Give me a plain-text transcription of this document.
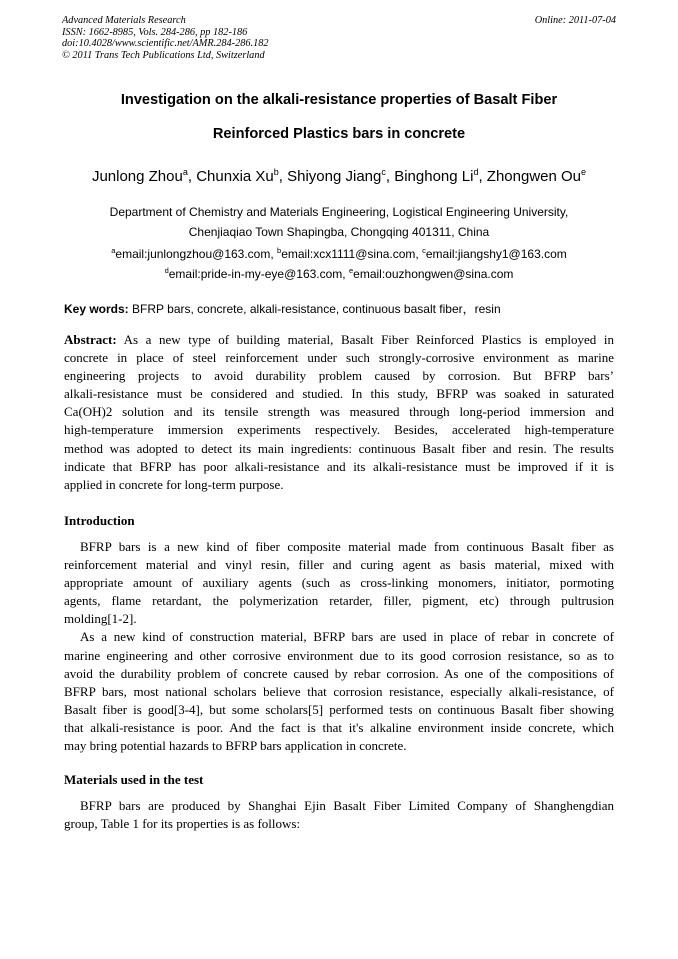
Advanced Materials Research
ISSN: 1662-8985, Vols. 284-286, pp 182-186
doi:10.4028/www.scientific.net/AMR.284-286.182
© 2011 Trans Tech Publications Ltd, Switzerland
Online: 2011-07-04
Investigation on the alkali-resistance properties of Basalt Fiber
Reinforced Plastics bars in concrete
Junlong Zhou$^a$, Chunxia Xu$^b$, Shiyong Jiang$^c$, Binghong Li$^d$, Zhongwen Ou$^e$
Department of Chemistry and Materials Engineering, Logistical Engineering University,
Chenjiaqiao Town Shapingba, Chongqing 401311, China
$^a$email:junlongzhou@163.com, $^b$email:xcx1111@sina.com, $^c$email:jiangshy1@163.com
$^d$email:pride-in-my-eye@163.com, $^e$email:ouzhongwen@sina.com
Key words: BFRP bars, concrete, alkali-resistance, continuous basalt fiber，resin
Abstract: As a new type of building material, Basalt Fiber Reinforced Plastics is employed in
concrete in place of steel reinforcement under such strongly-corrosive environment as marine
engineering projects to avoid durability problem caused by corrosion. But BFRP bars’
alkali-resistance must be considered and studied. In this study, BFRP was soaked in saturated
Ca(OH)2 solution and its tensile strength was measured through long-period immersion and
high-temperature immersion experiments respectively. Besides, accelerated high-temperature
method was adopted to detect its main ingredients: continuous Basalt fiber and resin. The results
indicate that BFRP has poor alkali-resistance and its alkali-resistance must be improved if it is
applied in concrete for long-term purpose.
Introduction
BFRP bars is a new kind of fiber composite material made from continuous Basalt fiber as
reinforcement material and vinyl resin, filler and curing agent as basis material, mixed with
appropriate amount of auxiliary agents (such as cross-linking monomers, initiator, pormoting
agents, flame retardant, the polymerization retarder, filler, pigment, etc) through pultrusion
molding[1-2].
As a new kind of construction material, BFRP bars are used in place of rebar in concrete of
marine engineering and other corrosive environment due to its good corrosion resistance, so as to
avoid the durability problem of concrete caused by rebar corrosion. As one of the compositions of
BFRP bars, most national scholars believe that corrosion resistance, especially alkali-resistance, of
Basalt fiber is good[3-4], but some scholars[5] performed tests on continuous Basalt fiber showing
that alkali-resistance is poor. And the fact is that it's alkaline environment inside concrete, which
may bring potential hazards to BFRP bars application in concrete.
Materials used in the test
BFRP bars are produced by Shanghai Ejin Basalt Fiber Limited Company of Shanghengdian
group, Table 1 for its properties is as follows:
